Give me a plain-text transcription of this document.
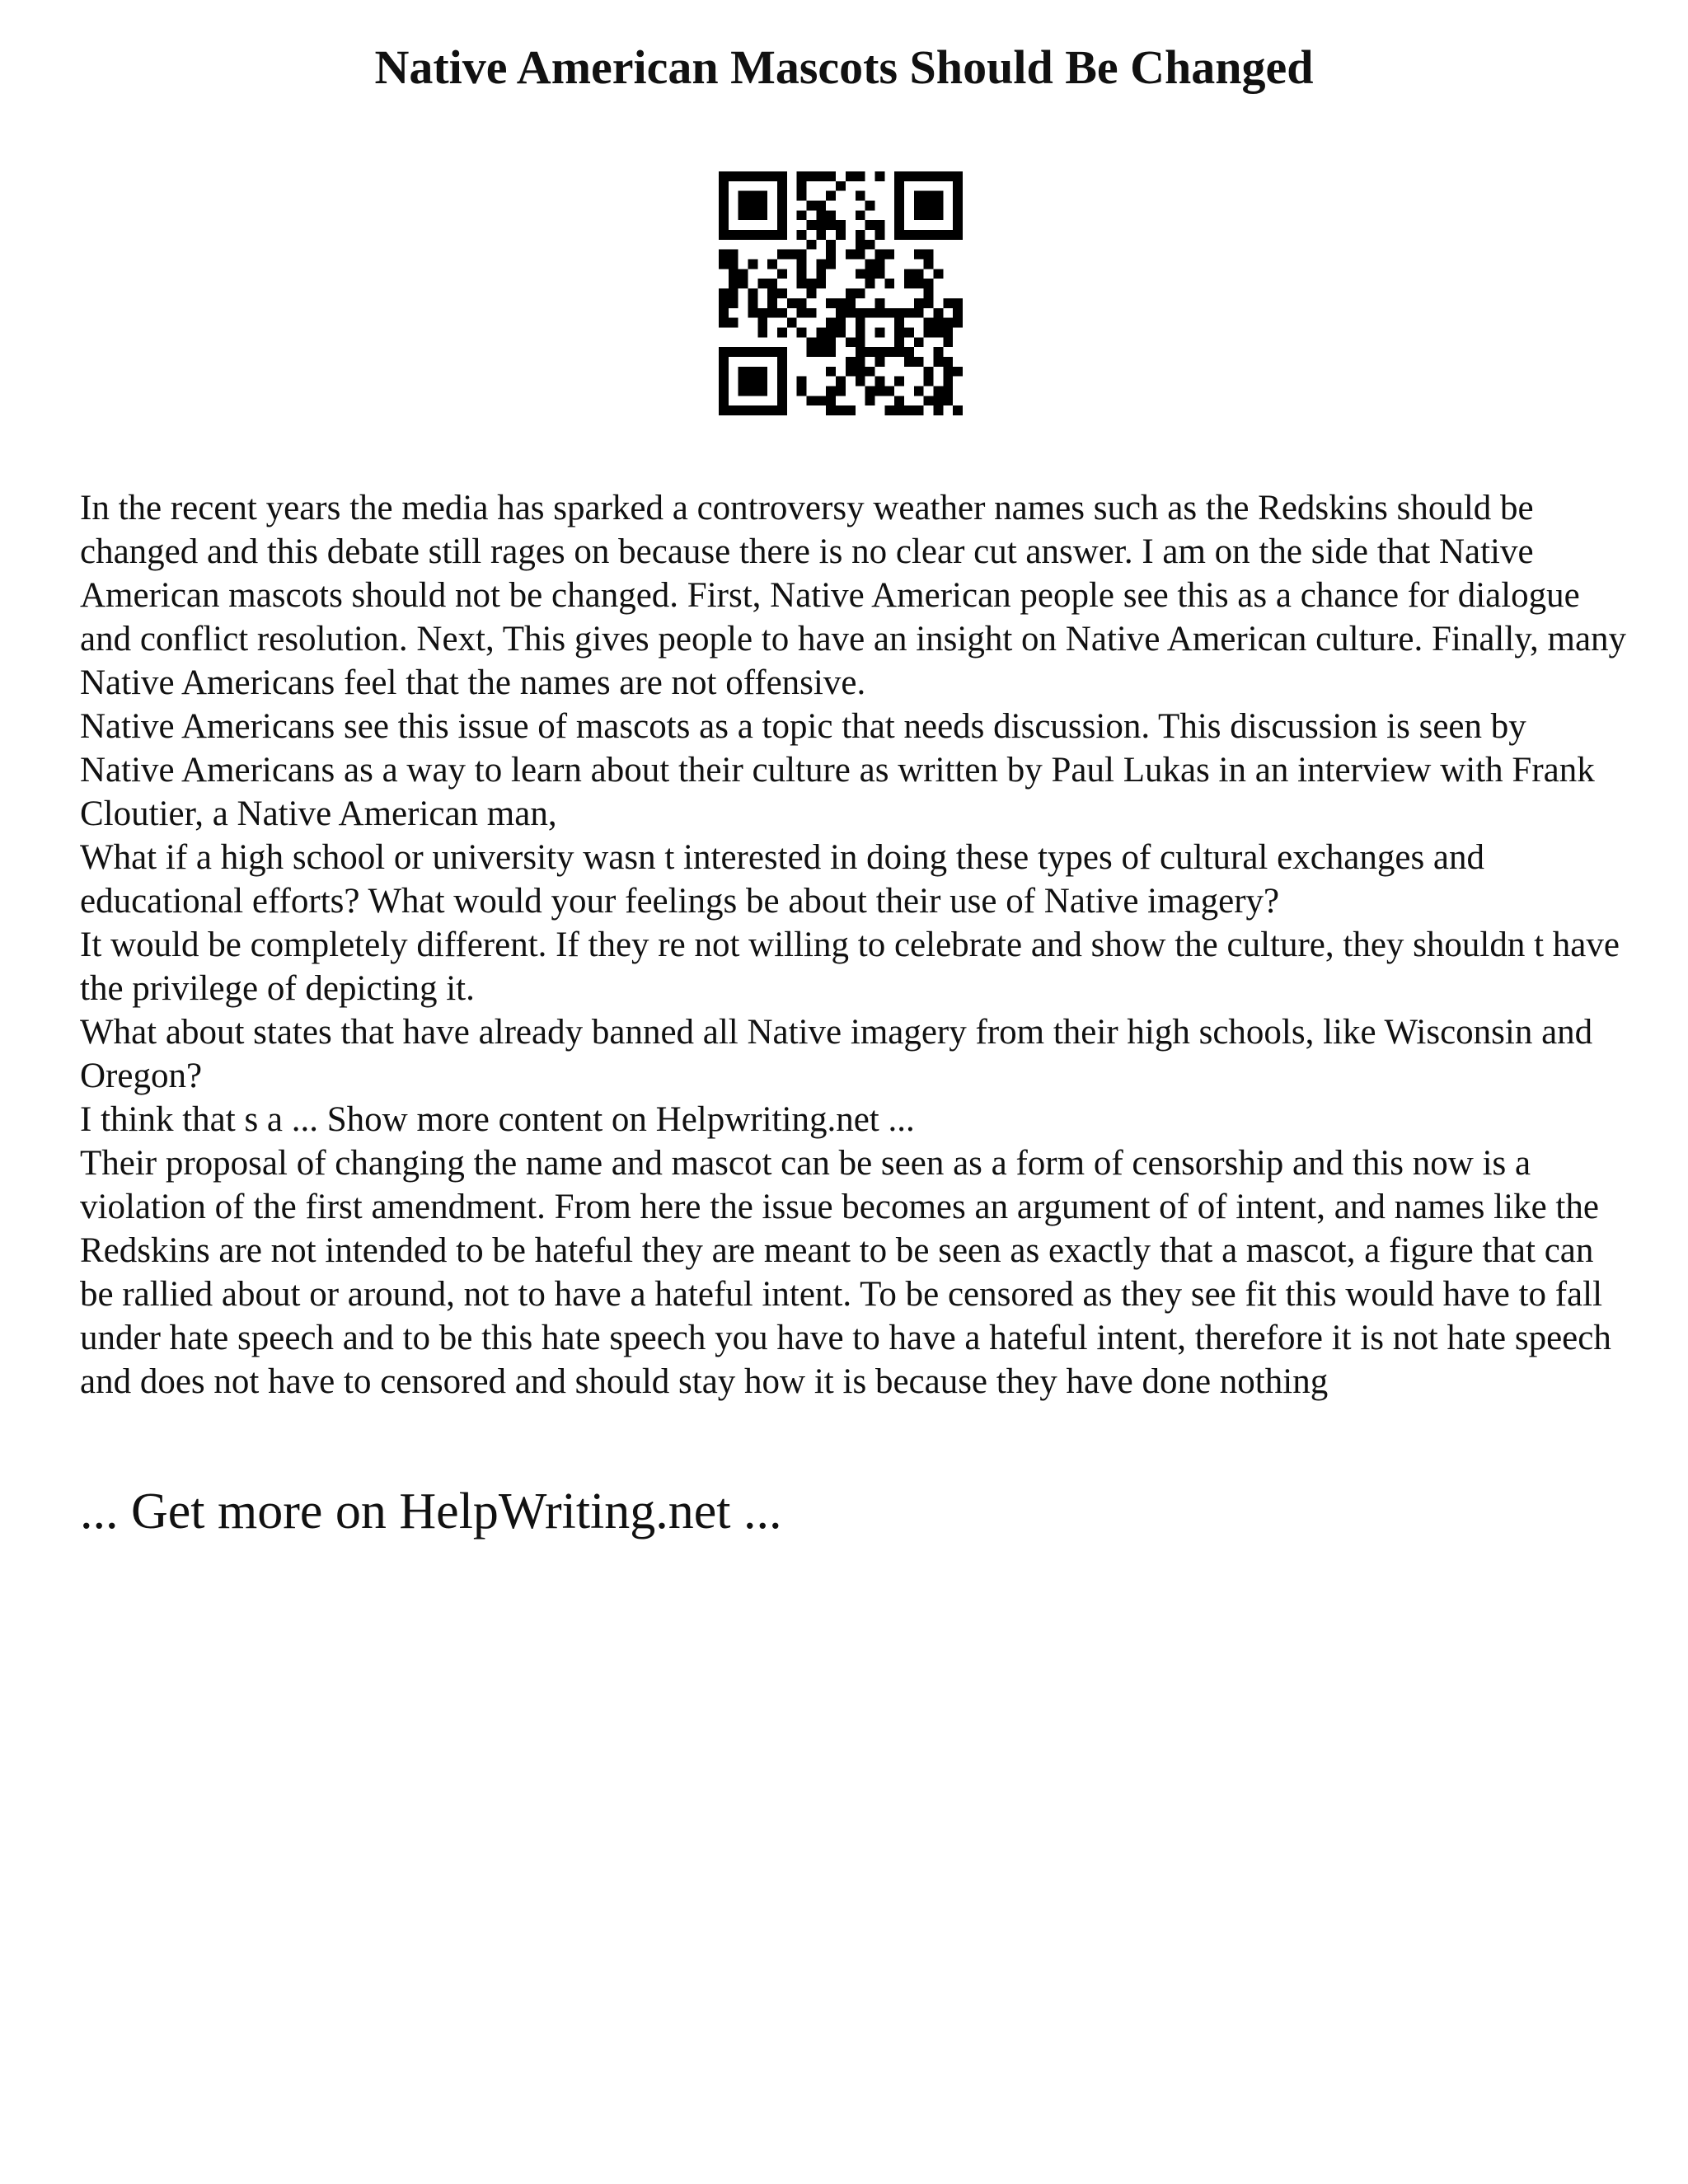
Native American Mascots Should Be Changed

In the recent years the media has sparked a controversy weather names such as the Redskins should be changed and this debate still rages on because there is no clear cut answer. I am on the side that Native American mascots should not be changed. First, Native American people see this as a chance for dialogue and conflict resolution. Next, This gives people to have an insight on Native American culture. Finally, many Native Americans feel that the names are not offensive.

Native Americans see this issue of mascots as a topic that needs discussion. This discussion is seen by Native Americans as a way to learn about their culture as written by Paul Lukas in an interview with Frank Cloutier, a Native American man,

What if a high school or university wasn t interested in doing these types of cultural exchanges and educational efforts? What would your feelings be about their use of Native imagery?

It would be completely different. If they re not willing to celebrate and show the culture, they shouldn t have the privilege of depicting it.

What about states that have already banned all Native imagery from their high schools, like Wisconsin and Oregon?

I think that s a ... Show more content on Helpwriting.net ...

Their proposal of changing the name and mascot can be seen as a form of censorship and this now is a violation of the first amendment. From here the issue becomes an argument of of intent, and names like the Redskins are not intended to be hateful they are meant to be seen as exactly that a mascot, a figure that can be rallied about or around, not to have a hateful intent. To be censored as they see fit this would have to fall under hate speech and to be this hate speech you have to have a hateful intent, therefore it is not hate speech and does not have to censored and should stay how it is because they have done nothing

... Get more on HelpWriting.net ...
